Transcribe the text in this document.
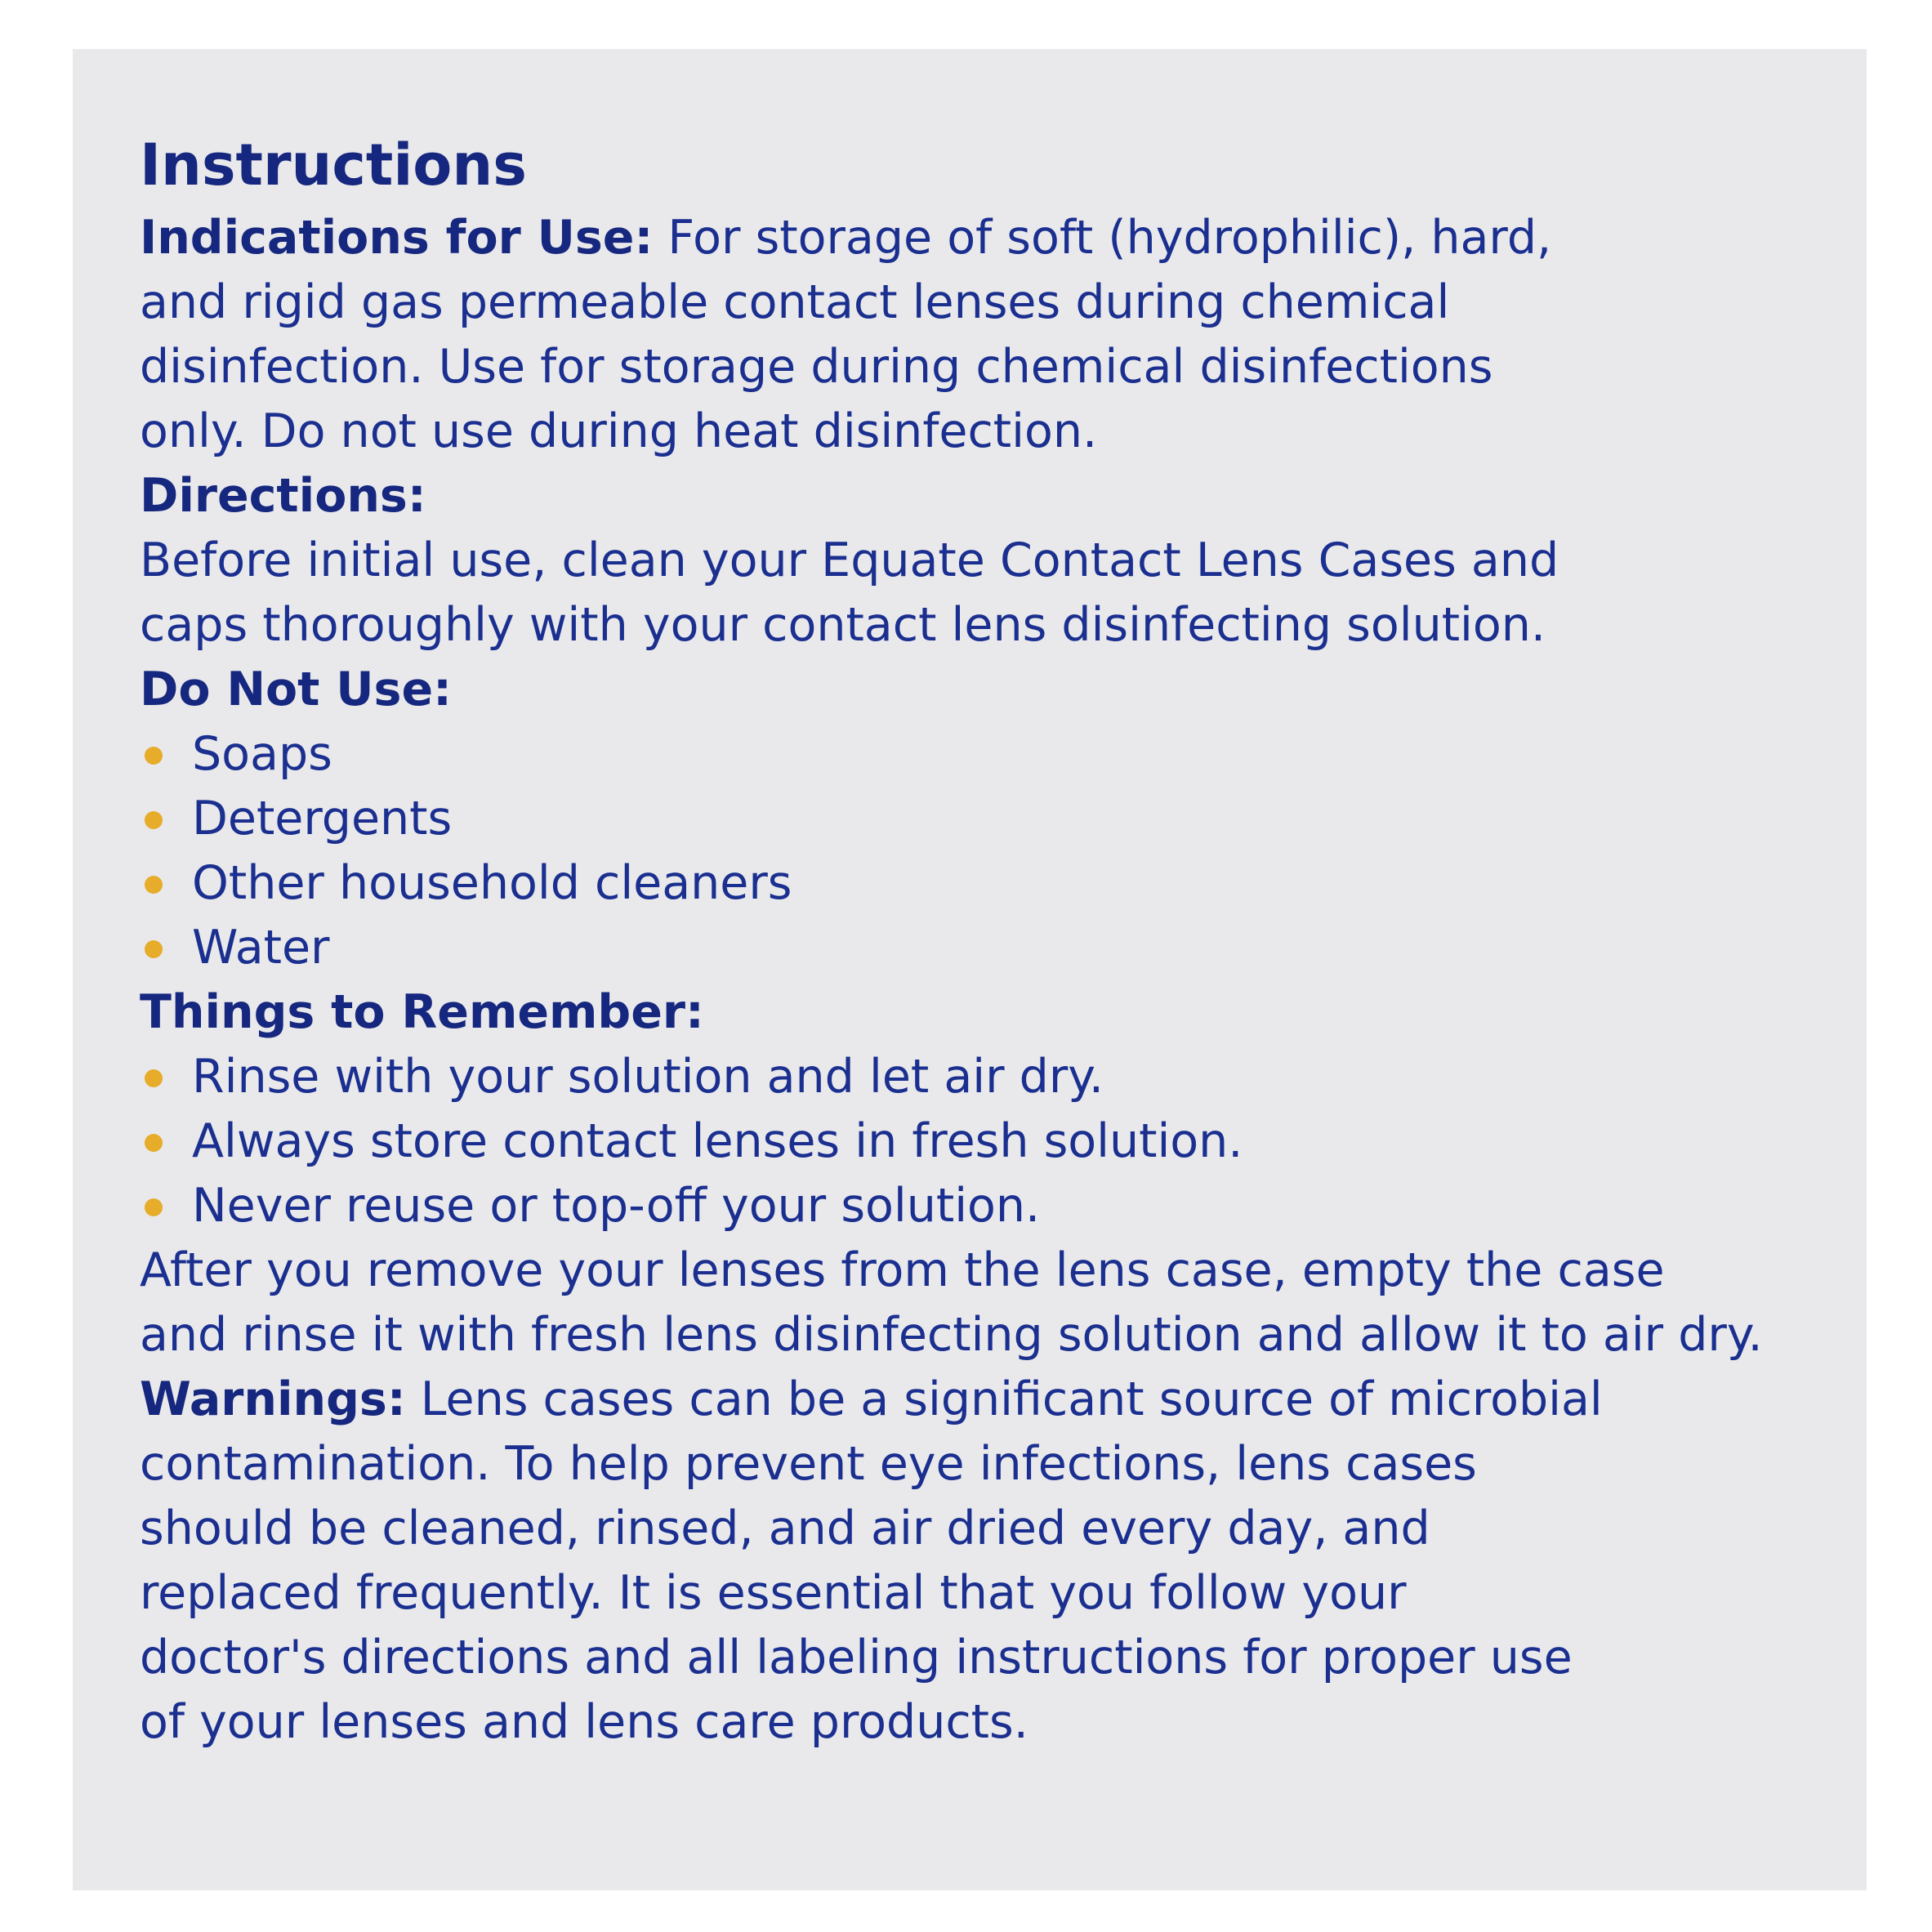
Instructions

Indications for Use: For storage of soft (hydrophilic), hard,

and rigid gas permeable contact lenses during chemical

disinfection. Use for storage during chemical disinfections

only. Do not use during heat disinfection.

Directions:

Before initial use, clean your Equate Contact Lens Cases and

caps thoroughly with your contact lens disinfecting solution.

Do Not Use:

Soaps

Detergents

Other household cleaners

Water

Things to Remember:

Rinse with your solution and let air dry.

Always store contact lenses in fresh solution.

Never reuse or top-off your solution.

After you remove your lenses from the lens case, empty the case

and rinse it with fresh lens disinfecting solution and allow it to air dry.

Warnings: Lens cases can be a significant source of microbial

contamination. To help prevent eye infections, lens cases

should be cleaned, rinsed, and air dried every day, and

replaced frequently. It is essential that you follow your

doctor's directions and all labeling instructions for proper use

of your lenses and lens care products.
